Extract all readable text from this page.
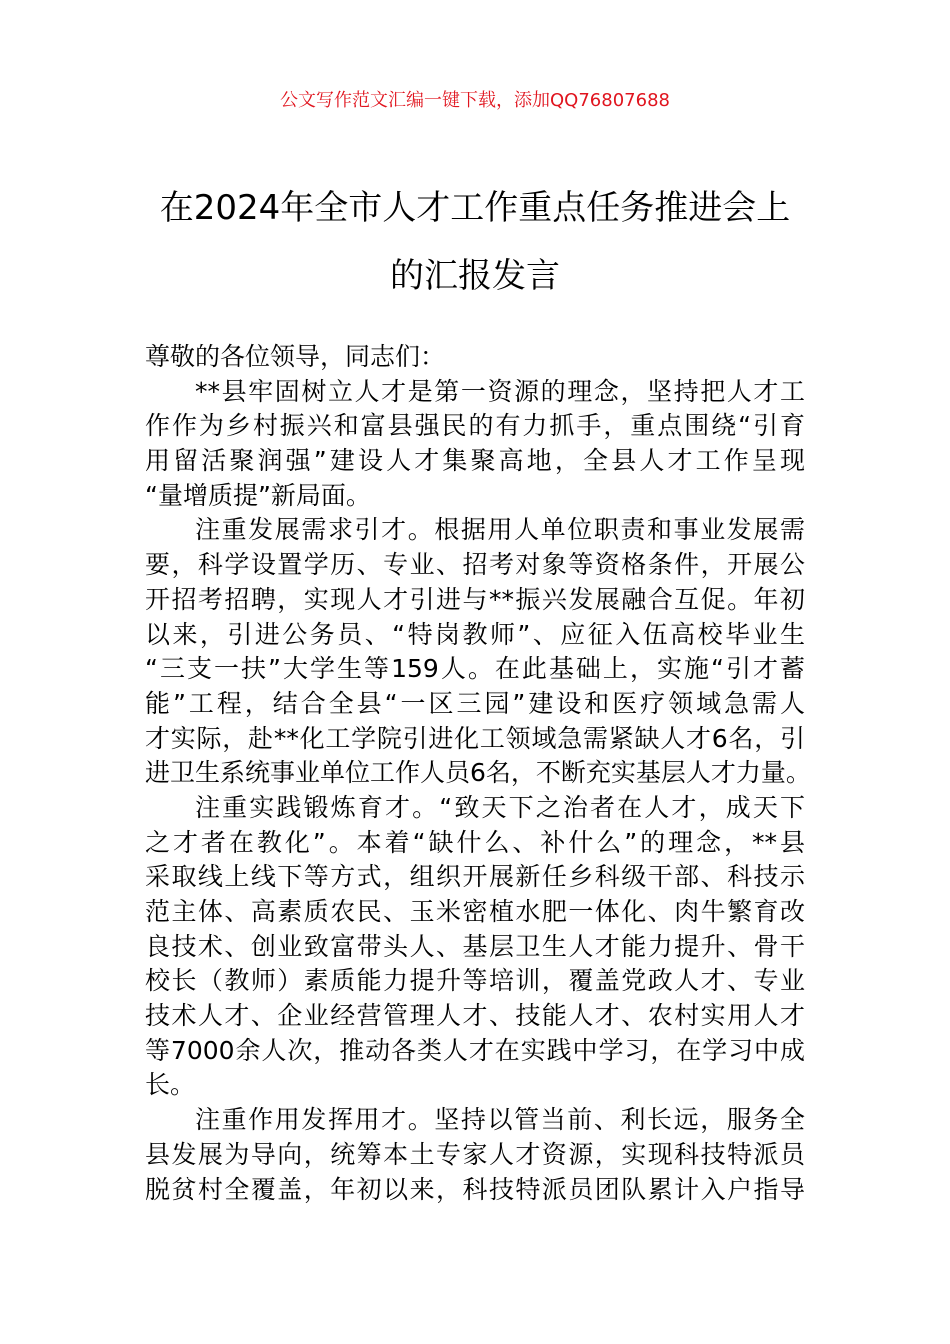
公文写作范文汇编一键下载，添加QQ76807688
在2024年全市人才工作重点任务推进会上
的汇报发言
尊敬的各位领导，同志们：
**县牢固树立人才是第一资源的理念，坚持把人才工
作作为乡村振兴和富县强民的有力抓手，重点围绕“引育
用留活聚润强”建设人才集聚高地，全县人才工作呈现
“量增质提”新局面。
注重发展需求引才。根据用人单位职责和事业发展需
要，科学设置学历、专业、招考对象等资格条件，开展公
开招考招聘，实现人才引进与**振兴发展融合互促。年初
以来，引进公务员、“特岗教师”、应征入伍高校毕业生
“三支一扶”大学生等159人。在此基础上，实施“引才蓄
能”工程，结合全县“一区三园”建设和医疗领域急需人
才实际，赴**化工学院引进化工领域急需紧缺人才6名，引
进卫生系统事业单位工作人员6名，不断充实基层人才力量。
注重实践锻炼育才。“致天下之治者在人才，成天下
之才者在教化”。本着“缺什么、补什么”的理念，**县
采取线上线下等方式，组织开展新任乡科级干部、科技示
范主体、高素质农民、玉米密植水肥一体化、肉牛繁育改
良技术、创业致富带头人、基层卫生人才能力提升、骨干
校长（教师）素质能力提升等培训，覆盖党政人才、专业
技术人才、企业经营管理人才、技能人才、农村实用人才
等7000余人次，推动各类人才在实践中学习，在学习中成
长。
注重作用发挥用才。坚持以管当前、利长远，服务全
县发展为导向，统筹本土专家人才资源，实现科技特派员
脱贫村全覆盖，年初以来，科技特派员团队累计入户指导
